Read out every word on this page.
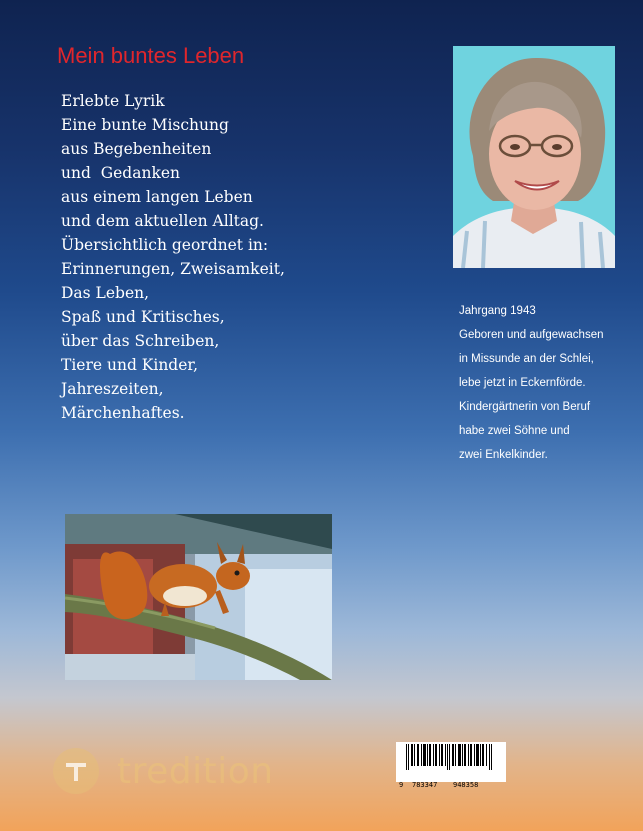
Mein buntes Leben
Erlebte Lyrik
Eine bunte Mischung
aus Begebenheiten
und  Gedanken
aus einem langen Leben
und dem aktuellen Alltag.
Übersichtlich geordnet in:
Erinnerungen, Zweisamkeit,
Das Leben,
Spaß und Kritisches,
über das Schreiben,
Tiere und Kinder,
Jahreszeiten,
Märchenhaftes.
Jahrgang 1943
Geboren und aufgewachsen
in Missunde an der Schlei,
lebe jetzt in Eckernförde.
Kindergärtnerin von Beruf
habe zwei Söhne und
zwei Enkelkinder.
tredition	9 783347 948358
